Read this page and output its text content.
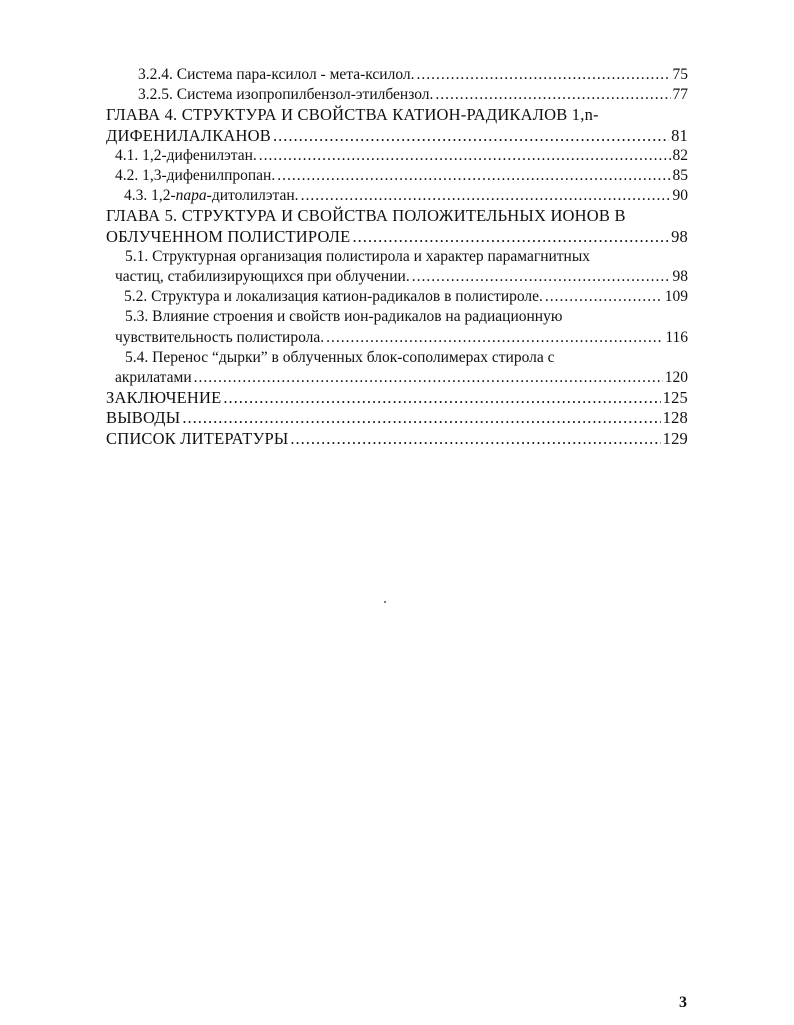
3.2.4. Система пара-ксилол - мета-ксилол. .....	75
3.2.5. Система изопропилбензол-этилбензол. .....	77
ГЛАВА 4. СТРУКТУРА И СВОЙСТВА КАТИОН-РАДИКАЛОВ 1,n-
ДИФЕНИЛАЛКАНОВ .....	81
4.1. 1,2-дифенилэтан. .....	82
4.2. 1,3-дифенилпропан. .....	85
4.3. 1,2-пара-дитолилэтан. .....	90
ГЛАВА 5. СТРУКТУРА И СВОЙСТВА ПОЛОЖИТЕЛЬНЫХ ИОНОВ В
ОБЛУЧЕННОМ ПОЛИСТИРОЛЕ .....	98
5.1. Структурная организация полистирола и характер парамагнитных
частиц, стабилизирующихся при облучении. .....	98
5.2. Структура и локализация катион-радикалов в полистироле. .....	109
5.3. Влияние строения и свойств ион-радикалов на радиационную
чувствительность полистирола. .....	116
5.4. Перенос “дырки” в облученных блок-сополимерах стирола с
акрилатами .....	120
ЗАКЛЮЧЕНИЕ .....	125
ВЫВОДЫ .....	128
СПИСОК ЛИТЕРАТУРЫ .....	129
3
